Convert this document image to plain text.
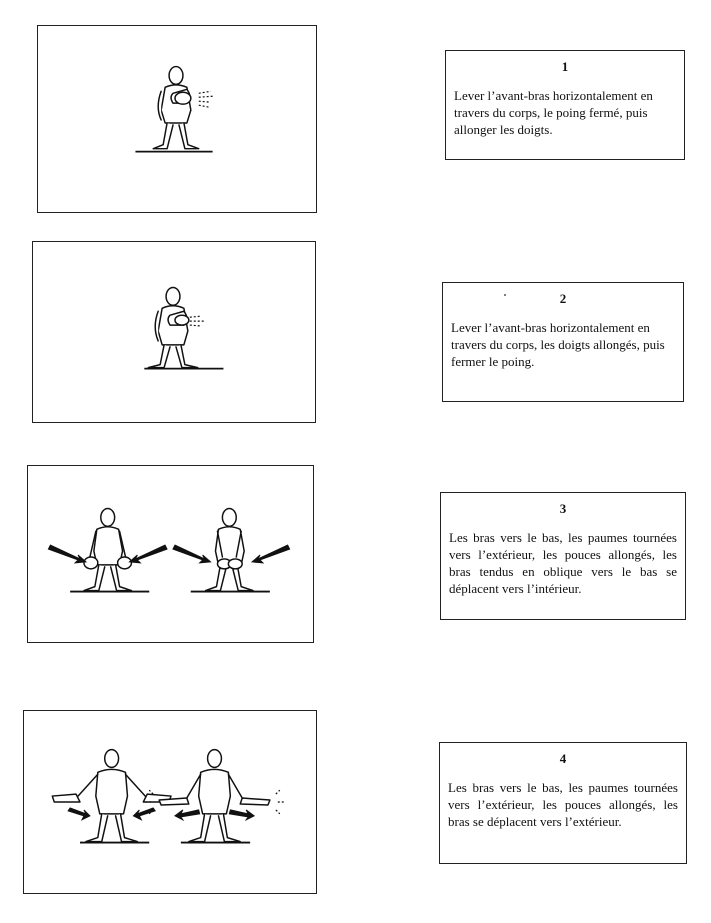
1

Lever l’avant-bras horizontalement en travers du corps, le poing fermé, puis allonger les doigts.

2

Lever l’avant-bras horizontalement en travers du corps, les doigts allongés, puis fermer le poing.

3

Les bras vers le bas, les paumes tournées vers l’extérieur, les pouces allongés, les bras tendus en oblique vers le bas se déplacent vers l’intérieur.

4

Les bras vers le bas, les paumes tournées vers l’extérieur, les pouces allongés, les bras se déplacent vers l’extérieur.
